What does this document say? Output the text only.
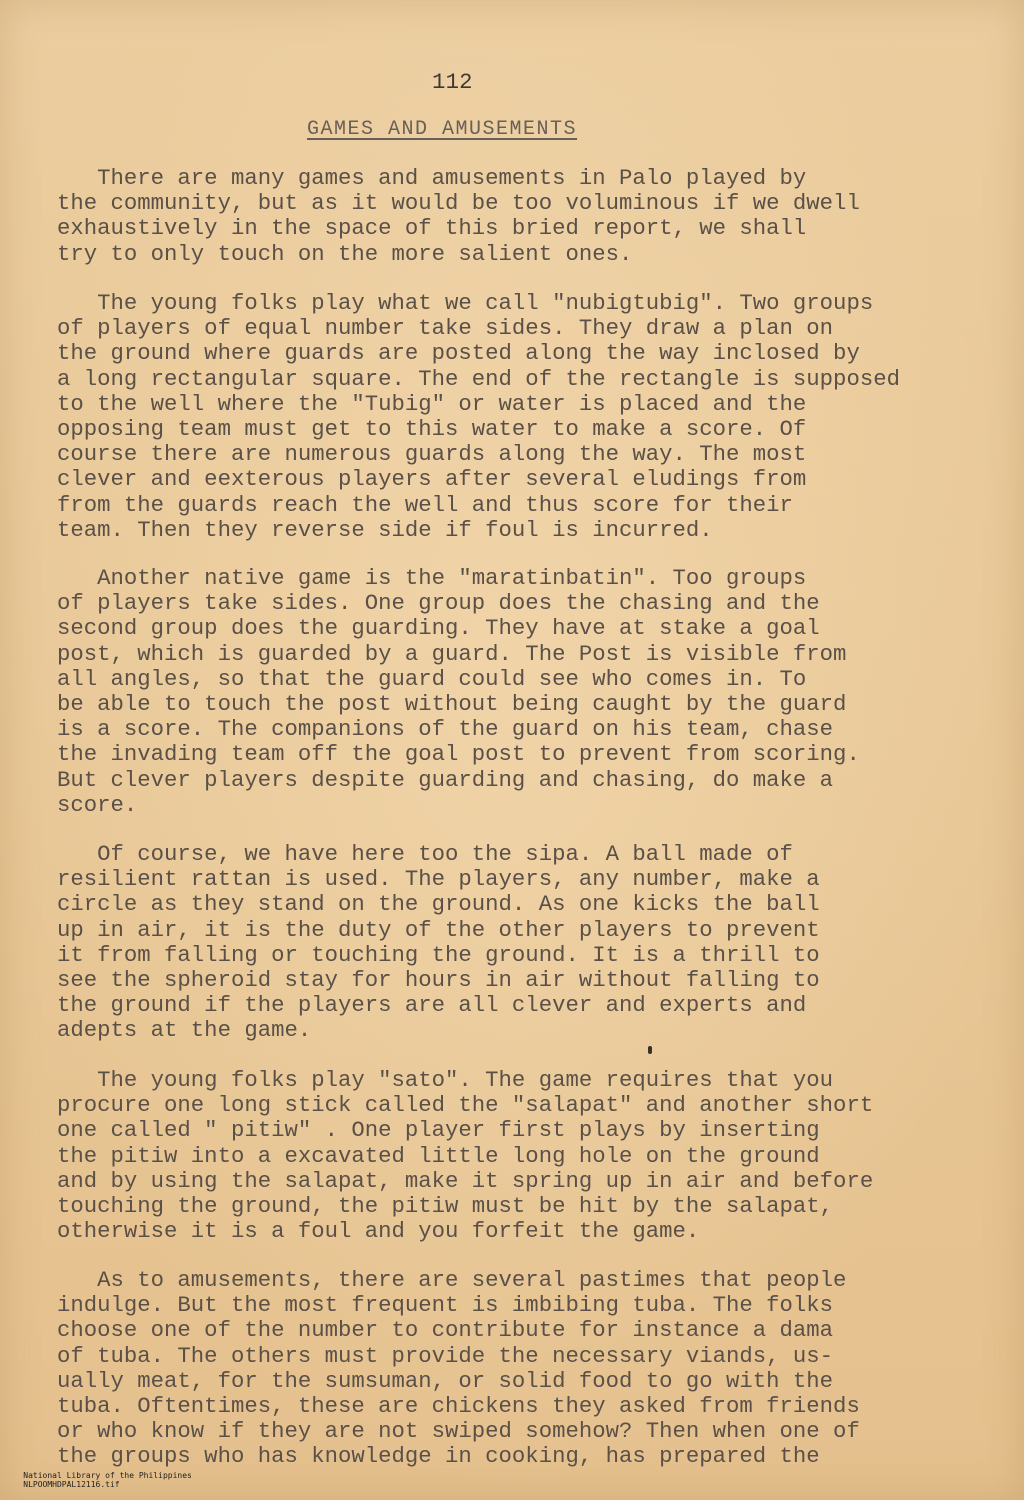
112
GAMES AND AMUSEMENTS
There are many games and amusements in Palo played by
the community, but as it would be too voluminous if we dwell
exhaustively in the space of this bried report, we shall
try to only touch on the more salient ones.
The young folks play what we call "nubigtubig". Two groups
of players of equal number take sides. They draw a plan on
the ground where guards are posted along the way inclosed by
a long rectangular square. The end of the rectangle is supposed
to the well where the "Tubig" or water is placed and the
opposing team must get to this water to make a score. Of
course there are numerous guards along the way. The most
clever and eexterous players after several eludings from
from the guards reach the well and thus score for their
team. Then they reverse side if foul is incurred.
Another native game is the "maratinbatin". Too groups
of players take sides. One group does the chasing and the
second group does the guarding. They have at stake a goal
post, which is guarded by a guard. The Post is visible from
all angles, so that the guard could see who comes in. To
be able to touch the post without being caught by the guard
is a score. The companions of the guard on his team, chase
the invading team off the goal post to prevent from scoring.
But clever players despite guarding and chasing, do make a
score.
Of course, we have here too the sipa. A ball made of
resilient rattan is used. The players, any number, make a
circle as they stand on the ground. As one kicks the ball
up in air, it is the duty of the other players to prevent
it from falling or touching the ground. It is a thrill to
see the spheroid stay for hours in air without falling to
the ground if the players are all clever and experts and
adepts at the game.
The young folks play "sato". The game requires that you
procure one long stick called the "salapat" and another short
one called " pitiw" . One player first plays by inserting
the pitiw into a excavated little long hole on the ground
and by using the salapat, make it spring up in air and before
touching the ground, the pitiw must be hit by the salapat,
otherwise it is a foul and you forfeit the game.
As to amusements, there are several pastimes that people
indulge. But the most frequent is imbibing tuba. The folks
choose one of the number to contribute for instance a dama
of tuba. The others must provide the necessary viands, us-
ually meat, for the sumsuman, or solid food to go with the
tuba. Oftentimes, these are chickens they asked from friends
or who know if they are not swiped somehow? Then when one of
the groups who has knowledge in cooking, has prepared the

National Library of the Philippines
NLPOOMHDPAL12116.tif
